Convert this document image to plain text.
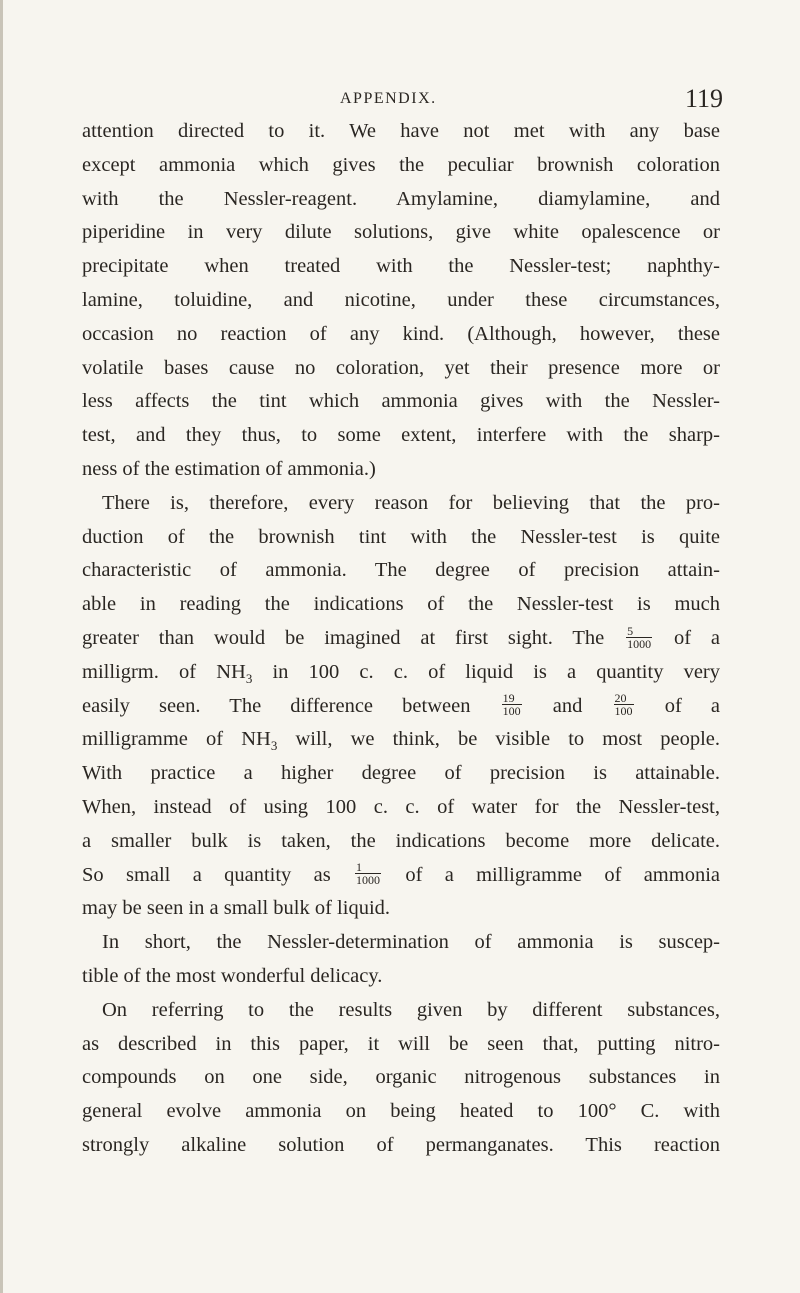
APPENDIX.	119
attention directed to it. We have not met with any base
except ammonia which gives the peculiar brownish coloration
with the Nessler-reagent. Amylamine, diamylamine, and
piperidine in very dilute solutions, give white opalescence or
precipitate when treated with the Nessler-test; naphthy-
lamine, toluidine, and nicotine, under these circumstances,
occasion no reaction of any kind. (Although, however, these
volatile bases cause no coloration, yet their presence more or
less affects the tint which ammonia gives with the Nessler-
test, and they thus, to some extent, interfere with the sharp-
ness of the estimation of ammonia.)
There is, therefore, every reason for believing that the pro-
duction of the brownish tint with the Nessler-test is quite
characteristic of ammonia. The degree of precision attain-
able in reading the indications of the Nessler-test is much
greater than would be imagined at first sight. The $\frac{5}{1000}$ of a
milligrm. of $NH_3$ in 100 c. c. of liquid is a quantity very
easily seen. The difference between	$\frac{19}{100}$ and	$\frac{20}{100}$ of a
milligramme of $NH_3$ will, we think, be visible to most people.
With practice a higher degree of precision is attainable.
When, instead of using 100 c. c. of water for the Nessler-test,
a smaller bulk is taken, the indications become more delicate.
So small a quantity as $\frac{1}{1000}$ of a milligramme of ammonia
may be seen in a small bulk of liquid.
In short, the Nessler-determination of ammonia is suscep-
tible of the most wonderful delicacy.
On referring to the results given by different substances,
as described in this paper, it will be seen that, putting nitro-
compounds on one side, organic nitrogenous substances in
general evolve ammonia on being heated to 100° C. with
strongly alkaline solution of permanganates. This reaction
